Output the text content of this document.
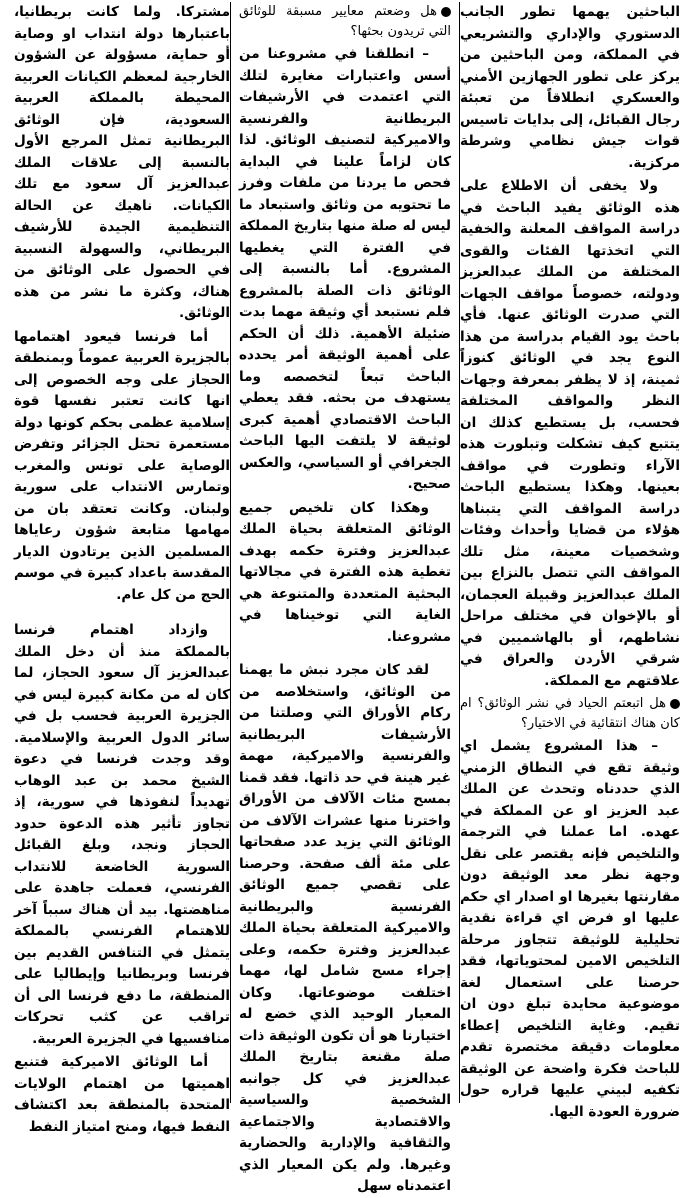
مشتركا. ولما كانت بريطانيا، باعتبارها دولة انتداب او وصاية أو حماية، مسؤولة عن الشؤون الخارجية لمعظم الكيانات العربية المحيطة بالمملكة العربية السعودية، فإن الوثائق البريطانية تمثل المرجع الأول بالنسبة إلى علاقات الملك عبدالعزيز آل سعود مع تلك الكيانات. ناهيك عن الحالة التنظيمية الجيدة للأرشيف البريطاني، والسهولة النسبية في الحصول على الوثائق من هناك، وكثرة ما نشر من هذه الوثائق.

أما فرنسا فيعود اهتمامها بالجزيرة العربية عموماً وبمنطقة الحجاز على وجه الخصوص إلى انها كانت تعتبر نفسها قوة إسلامية عظمى بحكم كونها دولة مستعمرة تحتل الجزائر وتفرض الوصاية على تونس والمغرب وتمارس الانتداب على سورية ولبنان. وكانت تعتقد بان من مهامها متابعة شؤون رعاياها المسلمين الذين يرتادون الديار المقدسة باعداد كبيرة في موسم الحج من كل عام.

وازداد اهتمام فرنسا بالمملكة منذ أن دخل الملك عبدالعزيز آل سعود الحجاز، لما كان له من مكانة كبيرة ليس في الجزيرة العربية فحسب بل في سائر الدول العربية والإسلامية. وقد وجدت فرنسا في دعوة الشيخ محمد بن عبد الوهاب تهديداً لنفوذها في سورية، إذ تجاوز تأثير هذه الدعوة حدود الحجاز ونجد، وبلغ القبائل السورية الخاضعة للانتداب الفرنسي، فعملت جاهدة على مناهضتها. بيد أن هناك سبباً آخر للاهتمام الفرنسي بالمملكة يتمثل في التنافس القديم بين فرنسا وبريطانيا وإيطاليا على المنطقة، ما دفع فرنسا الى أن تراقب عن كثب تحركات منافسيها في الجزيرة العربية.

أما الوثائق الاميركية فتنبع اهميتها من اهتمام الولايات المتحدة بالمنطقة بعد اكتشاف النفط فيها، ومنح امتياز النفط

هل وضعتم معايير مسبقة للوثائق التي تريدون بحثها؟

– انطلقنا في مشروعنا من أسس واعتبارات مغايرة لتلك التي اعتمدت في الأرشيفات البريطانية والفرنسية والاميركية لتصنيف الوثائق. لذا كان لزاماً علينا في البداية فحص ما يردنا من ملفات وفرز ما تحتويه من وثائق واستبعاد ما ليس له صلة منها بتاريخ المملكة في الفترة التي يغطيها المشروع. أما بالنسبة إلى الوثائق ذات الصلة بالمشروع فلم نستبعد أي وثيقة مهما بدت ضئيلة الأهمية. ذلك أن الحكم على أهمية الوثيقة أمر يحدده الباحث تبعاً لتخصصه وما يستهدف من بحثه. فقد يعطي الباحث الاقتصادي أهمية كبرى لوثيقة لا يلتفت اليها الباحث الجغرافي أو السياسي، والعكس صحيح.

وهكذا كان تلخيص جميع الوثائق المتعلقة بحياة الملك عبدالعزيز وفترة حكمه بهدف تغطية هذه الفترة في مجالاتها البحثية المتعددة والمتنوعة هي الغاية التي توخيناها في مشروعنا.

لقد كان مجرد نبش ما يهمنا من الوثائق، واستخلاصه من ركام الأوراق التي وصلتنا من الأرشيفات البريطانية والفرنسية والاميركية، مهمة غير هينة في حد ذاتها. فقد قمنا بمسح مئات الآلاف من الأوراق واخترنا منها عشرات الآلاف من الوثائق التي يزيد عدد صفحاتها على مئة ألف صفحة. وحرصنا على تقصي جميع الوثائق الفرنسية والبريطانية والاميركية المتعلقة بحياة الملك عبدالعزيز وفترة حكمه، وعلى إجراء مسح شامل لها، مهما اختلفت موضوعاتها. وكان المعيار الوحيد الذي خضع له اختيارنا هو أن تكون الوثيقة ذات صلة مقنعة بتاريخ الملك عبدالعزيز في كل جوانبه الشخصية والسياسية والاقتصادية والاجتماعية والثقافية والإدارية والحضارية وغيرها. ولم يكن المعيار الذي اعتمدناه سهل

الباحثين يهمها تطور الجانب الدستوري والإداري والتشريعي في المملكة، ومن الباحثين من يركز على تطور الجهازين الأمني والعسكري انطلاقاً من تعبئة رجال القبائل، إلى بدايات تاسيس قوات جيش نظامي وشرطة مركزية.

ولا يخفى أن الاطلاع على هذه الوثائق يفيد الباحث في دراسة المواقف المعلنة والخفية التي اتخذتها الفئات والقوى المختلفة من الملك عبدالعزيز ودولته، خصوصاً مواقف الجهات التي صدرت الوثائق عنها. فأي باحث يود القيام بدراسة من هذا النوع يجد في الوثائق كنوزاً ثمينة، إذ لا يظفر بمعرفة وجهات النظر والمواقف المختلفة فحسب، بل يستطيع كذلك ان يتتبع كيف تشكلت وتبلورت هذه الآراء وتطورت في مواقف بعينها. وهكذا يستطيع الباحث دراسة المواقف التي يتبناها هؤلاء من قضايا وأحداث وفئات وشخصيات معينة، مثل تلك المواقف التي تتصل بالنزاع بين الملك عبدالعزيز وقبيلة العجمان، أو بالإخوان في مختلف مراحل نشاطهم، أو بالهاشميين في شرقي الأردن والعراق في علاقتهم مع المملكة.

هل اتبعتم الحياد في نشر الوثائق؟ ام كان هناك انتقائية في الاختيار؟

– هذا المشروع يشمل اي وثيقة تقع في النطاق الزمني الذي حددناه وتحدث عن الملك عبد العزيز او عن المملكة في عهده. اما عملنا في الترجمة والتلخيص فإنه يقتصر على نقل وجهة نظر معد الوثيقة دون مقارنتها بغيرها او اصدار اي حكم عليها او فرض اي قراءة نقدية تحليلية للوثيقة تتجاوز مرحلة التلخيص الامين لمحتوياتها، فقد حرصنا على استعمال لغة موضوعية محايدة تبلغ دون ان تقيم. وغاية التلخيص إعطاء معلومات دقيقة مختصرة تقدم للباحث فكرة واضحة عن الوثيقة تكفيه لبيني عليها قراره حول ضرورة العودة اليها.
